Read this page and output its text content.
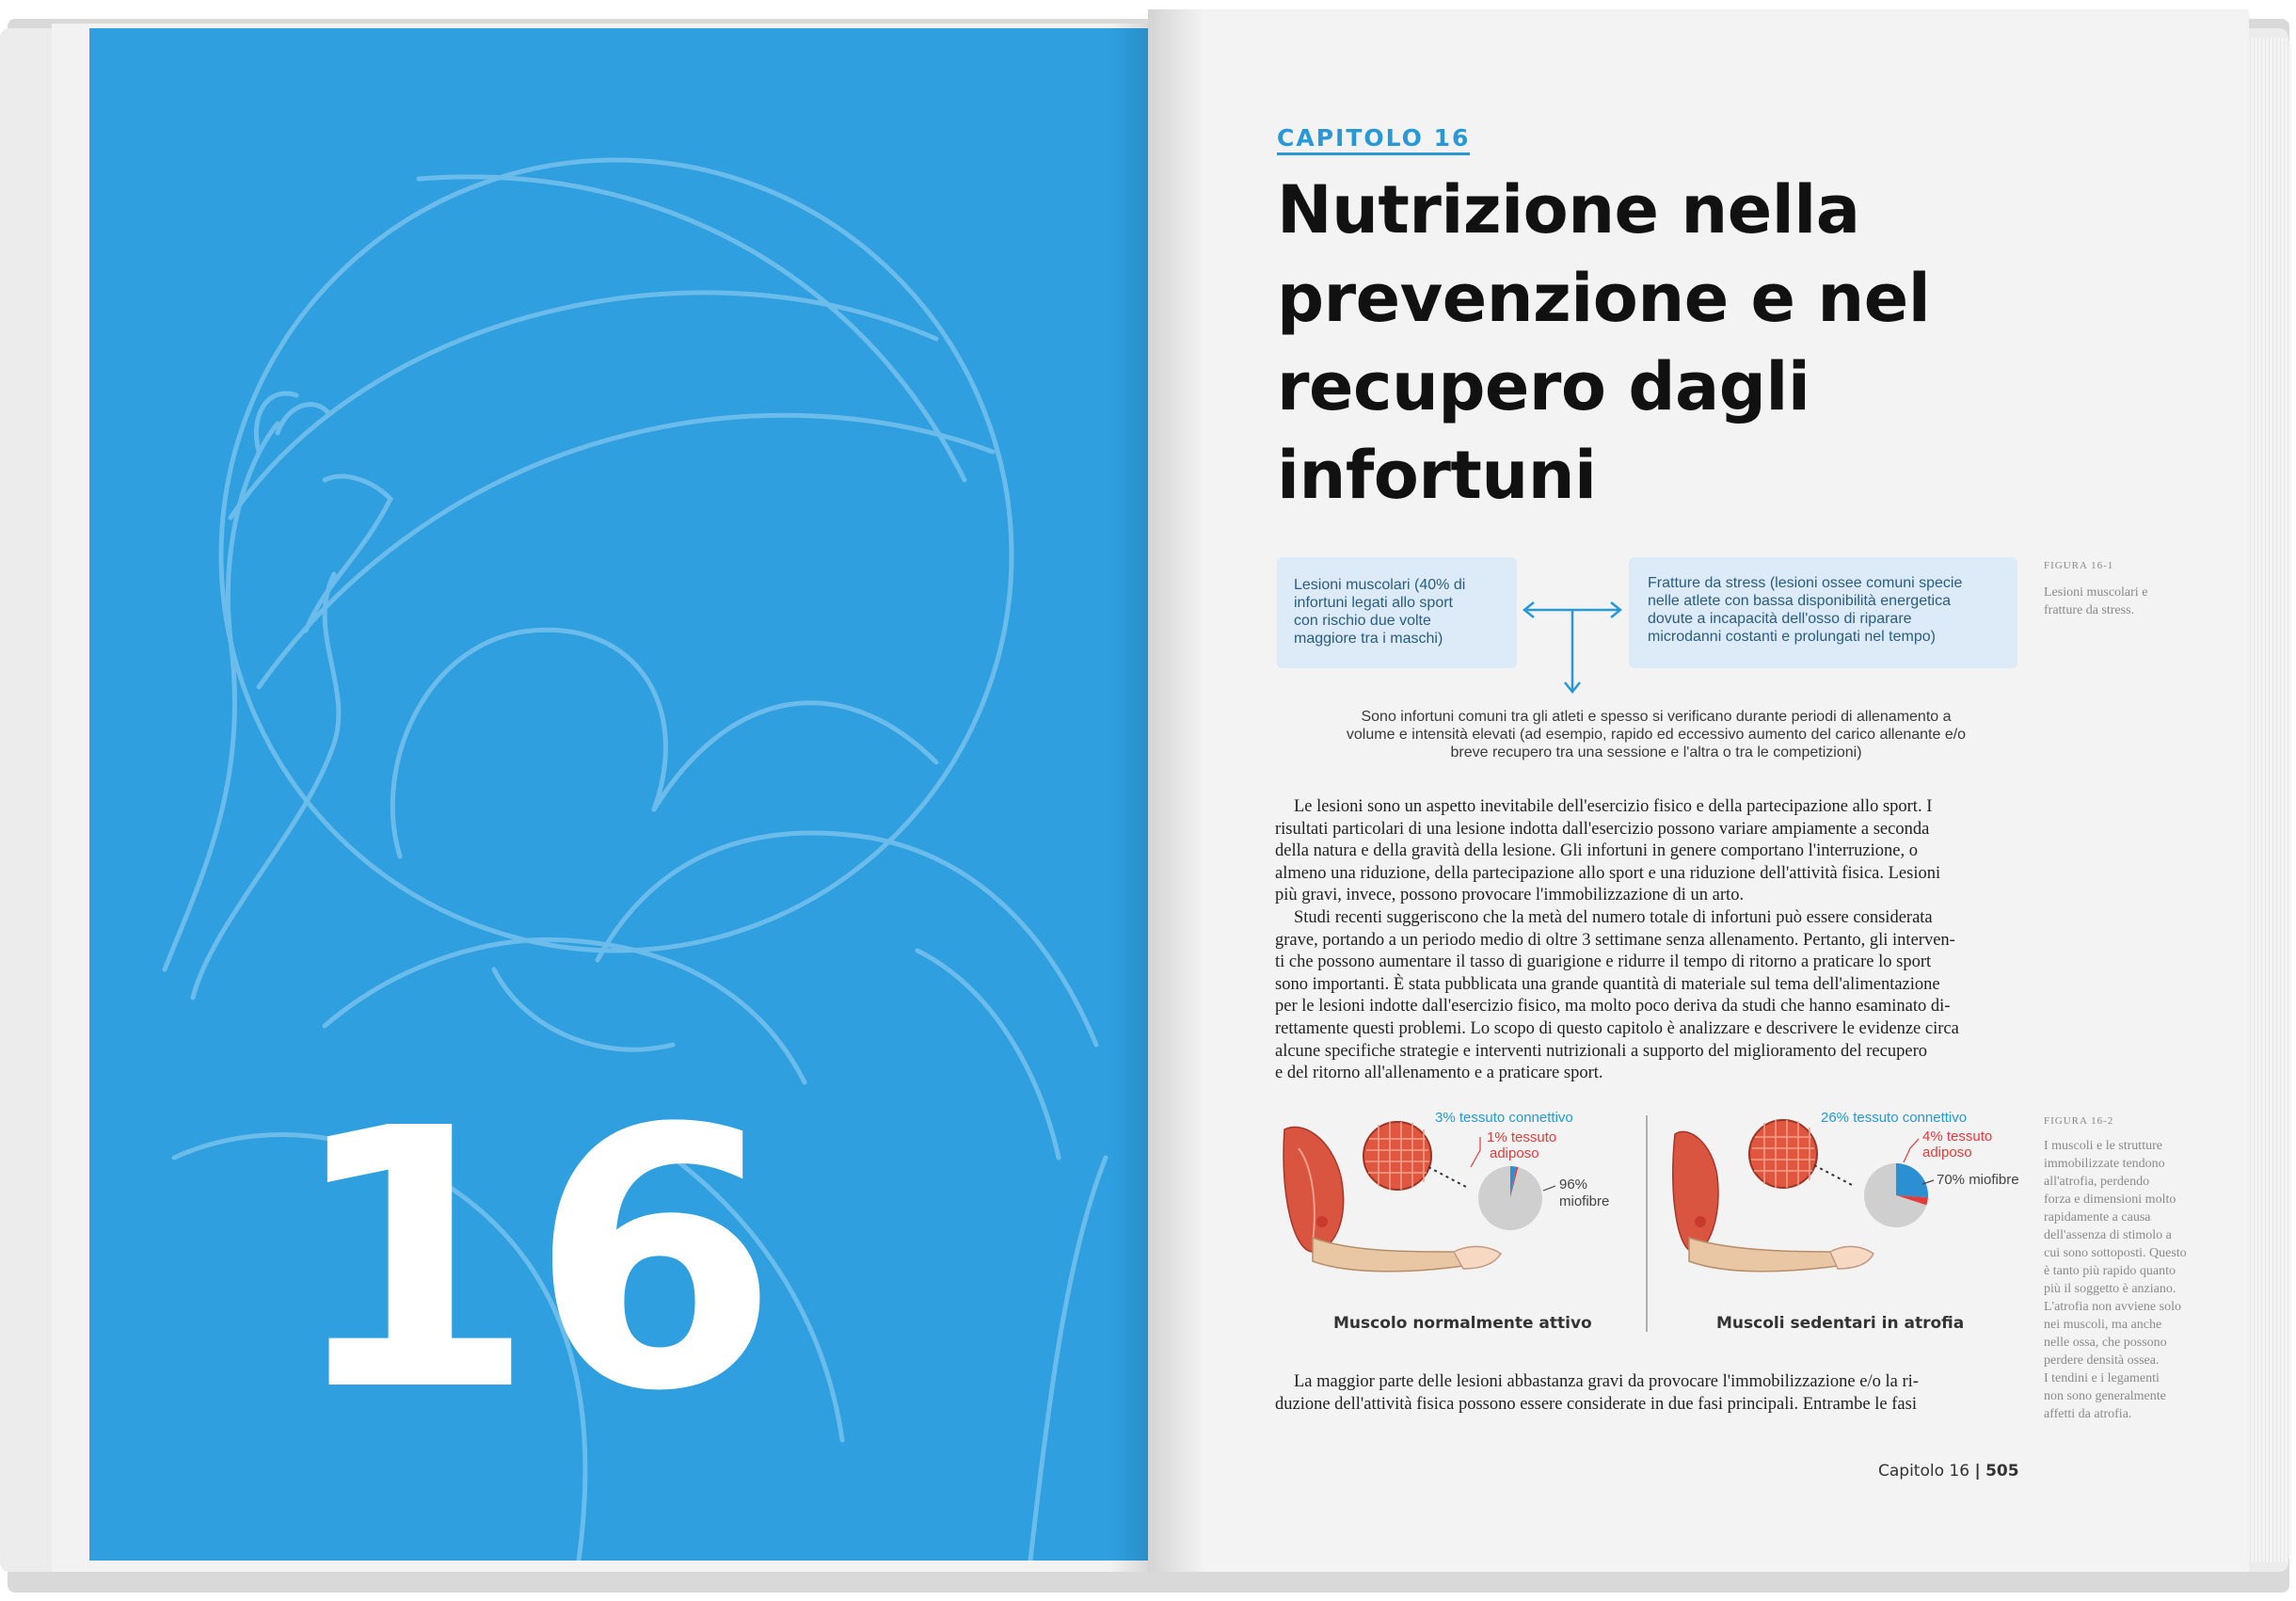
16
CAPITOLO 16
Nutrizione nella
prevenzione e nel
recupero dagli
infortuni
Lesioni muscolari (40% di
infortuni legati allo sport
con rischio due volte
maggiore tra i maschi)
Fratture da stress (lesioni ossee comuni specie
nelle atlete con bassa disponibilità energetica
dovute a incapacità dell'osso di riparare
microdanni costanti e prolungati nel tempo)
Sono infortuni comuni tra gli atleti e spesso si verificano durante periodi di allenamento a
volume e intensità elevati (ad esempio, rapido ed eccessivo aumento del carico allenante e/o
breve recupero tra una sessione e l'altra o tra le competizioni)
FIGURA 16-1
Lesioni muscolari e
fratture da stress.
Le lesioni sono un aspetto inevitabile dell'esercizio fisico e della partecipazione allo sport. I
risultati particolari di una lesione indotta dall'esercizio possono variare ampiamente a seconda
della natura e della gravità della lesione. Gli infortuni in genere comportano l'interruzione, o
almeno una riduzione, della partecipazione allo sport e una riduzione dell'attività fisica. Lesioni
più gravi, invece, possono provocare l'immobilizzazione di un arto.
Studi recenti suggeriscono che la metà del numero totale di infortuni può essere considerata
grave, portando a un periodo medio di oltre 3 settimane senza allenamento. Pertanto, gli interven-
ti che possono aumentare il tasso di guarigione e ridurre il tempo di ritorno a praticare lo sport
sono importanti. È stata pubblicata una grande quantità di materiale sul tema dell'alimentazione
per le lesioni indotte dall'esercizio fisico, ma molto poco deriva da studi che hanno esaminato di-
rettamente questi problemi. Lo scopo di questo capitolo è analizzare e descrivere le evidenze circa
alcune specifiche strategie e interventi nutrizionali a supporto del miglioramento del recupero
e del ritorno all'allenamento e a praticare sport.
3% tessuto connettivo
1% tessuto
adiposo
96%
miofibre
26% tessuto connettivo
4% tessuto
adiposo
70% miofibre
Muscolo normalmente attivo	Muscoli sedentari in atrofia
FIGURA 16-2
I muscoli e le strutture
immobilizzate tendono
all'atrofia, perdendo
forza e dimensioni molto
rapidamente a causa
dell'assenza di stimolo a
cui sono sottoposti. Questo
è tanto più rapido quanto
più il soggetto è anziano.
L'atrofia non avviene solo
nei muscoli, ma anche
nelle ossa, che possono
perdere densità ossea.
I tendini e i legamenti
non sono generalmente
affetti da atrofia.
La maggior parte delle lesioni abbastanza gravi da provocare l'immobilizzazione e/o la ri-
duzione dell'attività fisica possono essere considerate in due fasi principali. Entrambe le fasi
Capitolo 16 | 505
